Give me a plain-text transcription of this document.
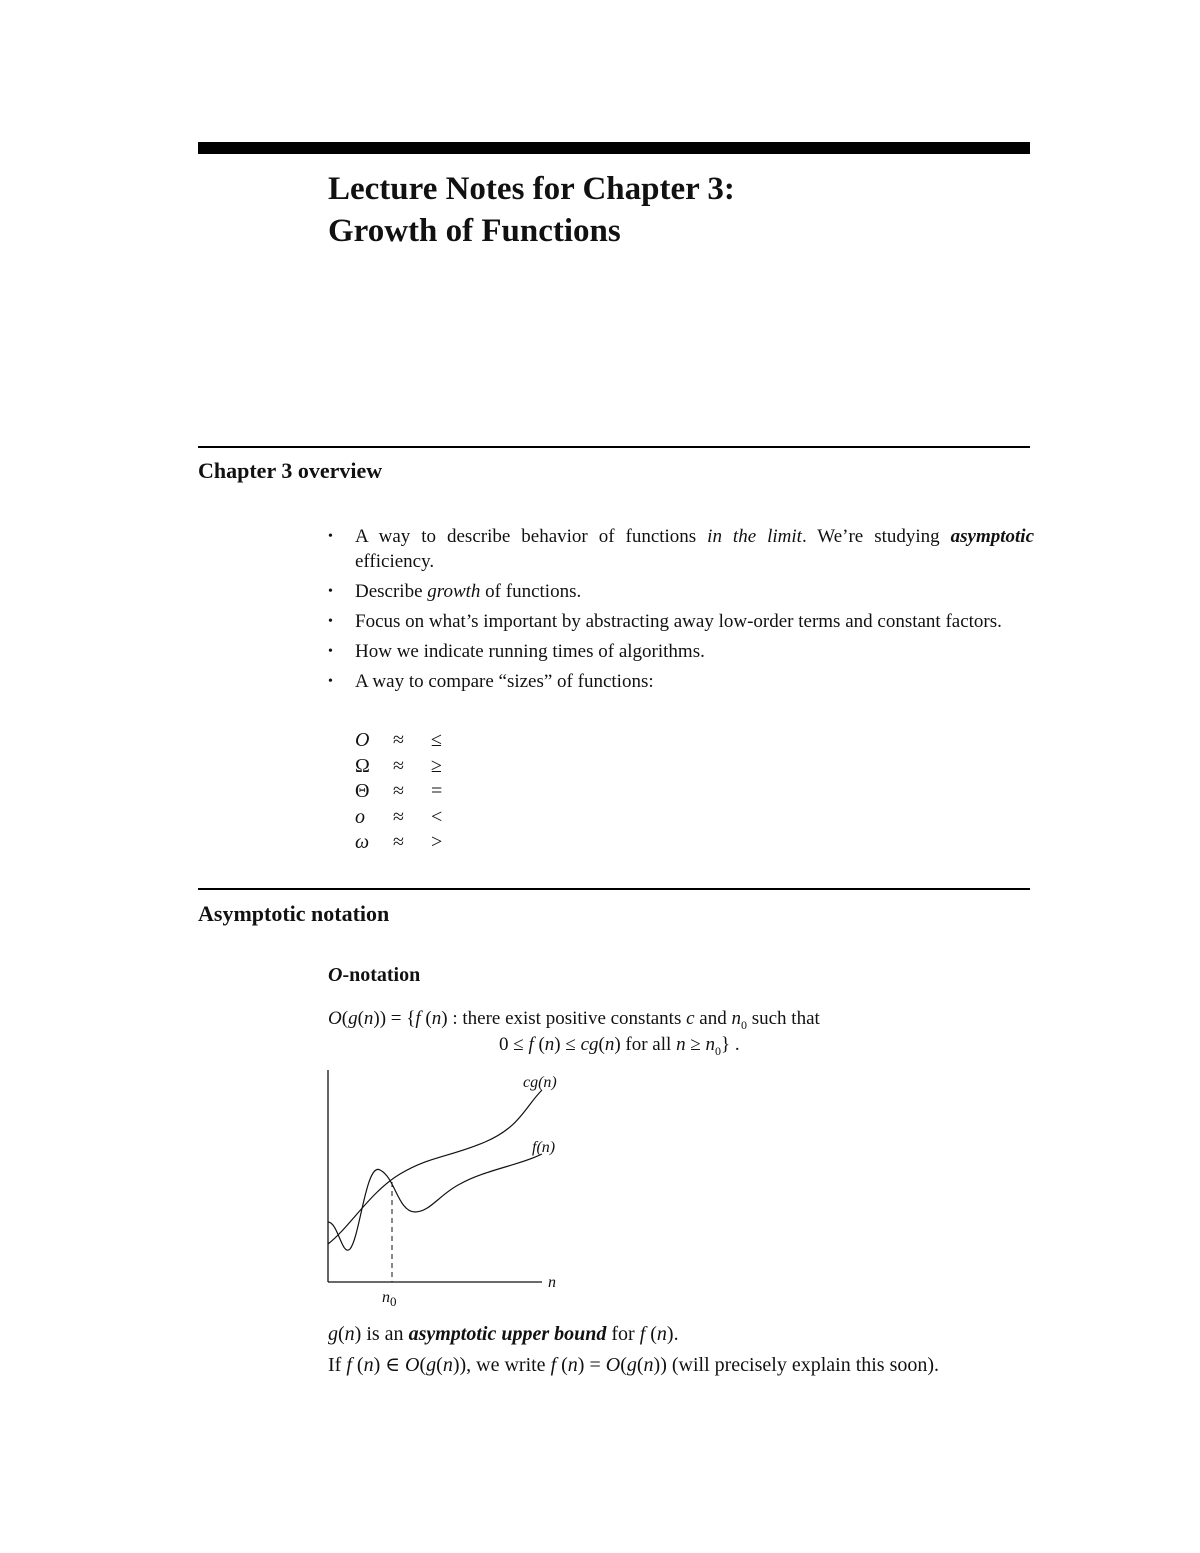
Lecture Notes for Chapter 3:
Growth of Functions
Chapter 3 overview
• A way to describe behavior of functions in the limit. We’re studying asymptotic efficiency.
• Describe growth of functions.
• Focus on what’s important by abstracting away low-order terms and constant factors.
• How we indicate running times of algorithms.
• A way to compare “sizes” of functions:
O	≈	≤
Ω	≈	≥
Θ	≈	=
o	≈	<
ω	≈	>
Asymptotic notation
O-notation
O(g(n)) = {f (n) : there exist positive constants c and $n_0$ such that
0 ≤ f (n) ≤ cg(n) for all $n \ge n_0$} .
cg(n)
f(n)
n
$n_0$
g(n) is an asymptotic upper bound for f (n).
If f (n) ∈ O(g(n)), we write f (n) = O(g(n)) (will precisely explain this soon).
